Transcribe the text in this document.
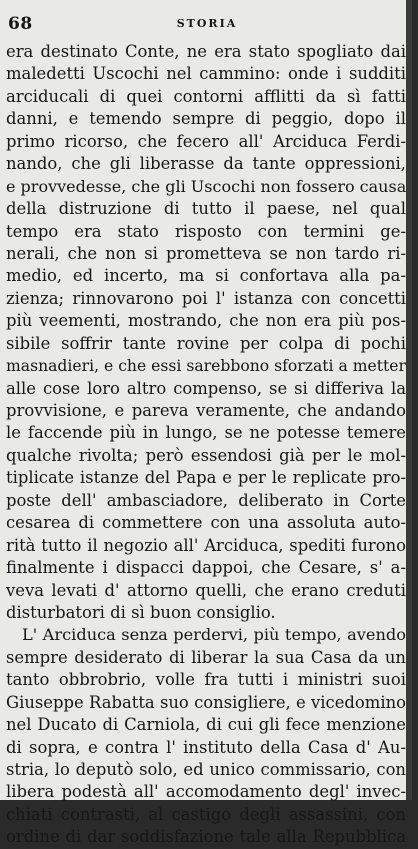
68	STORIA
era destinato Conte, ne era stato spogliato dai
maledetti Uscochi nel cammino: onde i sudditi
arciducali di quei contorni afflitti da sì fatti
danni, e temendo sempre di peggio, dopo il
primo ricorso, che fecero all' Arciduca Ferdi-
nando, che gli liberasse da tante oppressioni,
e provvedesse, che gli Uscochi non fossero causa
della distruzione di tutto il paese, nel qual
tempo era stato risposto con termini ge-
nerali, che non si prometteva se non tardo ri-
medio, ed incerto, ma si confortava alla pa-
zienza; rinnovarono poi l' istanza con concetti
più veementi, mostrando, che non era più pos-
sibile soffrir tante rovine per colpa di pochi
masnadieri, e che essi sarebbono sforzati a metter
alle cose loro altro compenso, se si differiva la
provvisione, e pareva veramente, che andando
le faccende più in lungo, se ne potesse temere
qualche rivolta; però essendosi già per le mol-
tiplicate istanze del Papa e per le replicate pro-
poste dell' ambasciadore, deliberato in Corte
cesarea di commettere con una assoluta auto-
rità tutto il negozio all' Arciduca, spediti furono
finalmente i dispacci dappoi, che Cesare, s' a-
veva levati d' attorno quelli, che erano creduti
disturbatori di sì buon consiglio.
L' Arciduca senza perdervi, più tempo, avendo
sempre desiderato di liberar la sua Casa da un
tanto obbrobrio, volle fra tutti i ministri suoi
Giuseppe Rabatta suo consigliere, e vicedomino
nel Ducato di Carniola, di cui gli fece menzione
di sopra, e contra l' instituto della Casa d' Au-
stria, lo deputò solo, ed unico commissario, con
libera podestà all' accomodamento degl' invec-
chiati contrasti, al castigo degli assassini, con
ordine di dar soddisfazione tale alla Repubblica
